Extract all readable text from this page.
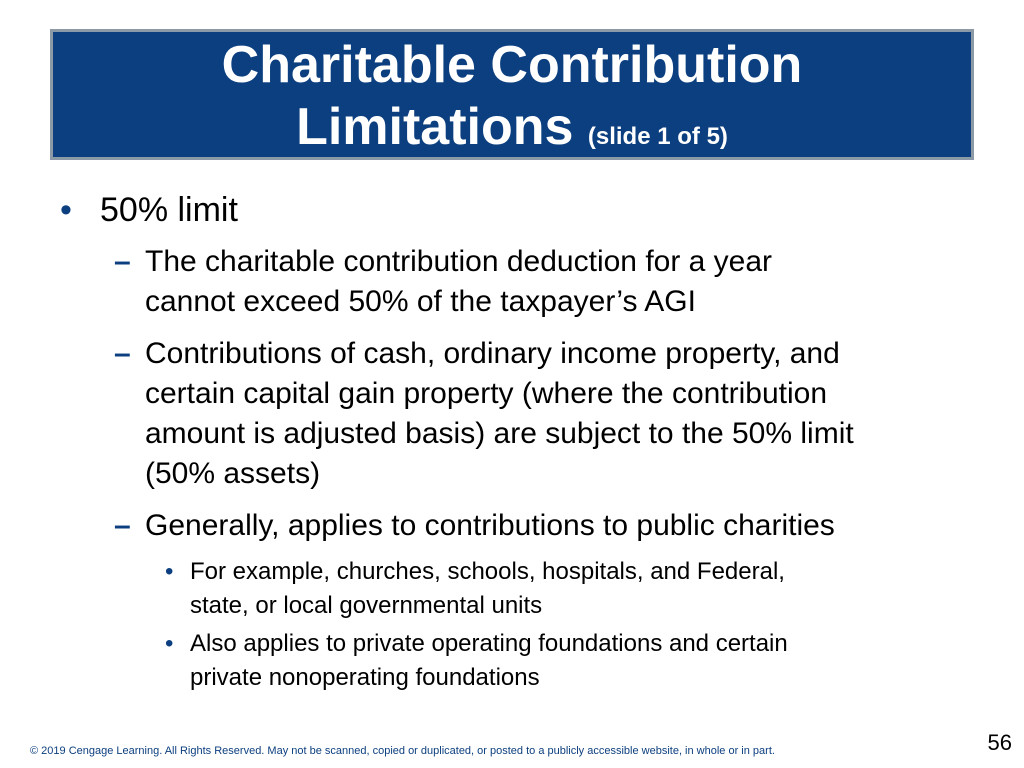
Charitable Contribution
Limitations (slide 1 of 5)
• 50% limit
– The charitable contribution deduction for a year
cannot exceed 50% of the taxpayer’s AGI
– Contributions of cash, ordinary income property, and
certain capital gain property (where the contribution
amount is adjusted basis) are subject to the 50% limit
(50% assets)
– Generally, applies to contributions to public charities
• For example, churches, schools, hospitals, and Federal,
state, or local governmental units
• Also applies to private operating foundations and certain
private nonoperating foundations
© 2019 Cengage Learning. All Rights Reserved. May not be scanned, copied or duplicated, or posted to a publicly accessible website, in whole or in part.	56
